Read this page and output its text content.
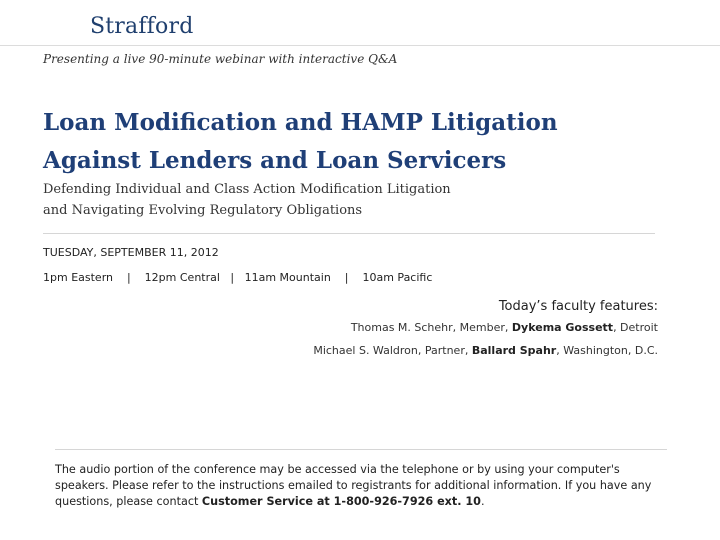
Strafford
Presenting a live 90-minute webinar with interactive Q&A
Loan Modification and HAMP Litigation
Against Lenders and Loan Servicers
Defending Individual and Class Action Modification Litigation
and Navigating Evolving Regulatory Obligations
TUESDAY, SEPTEMBER 11, 2012
1pm Eastern    |    12pm Central   |   11am Mountain    |    10am Pacific
Today’s faculty features:
Thomas M. Schehr, Member, Dykema Gossett, Detroit
Michael S. Waldron, Partner, Ballard Spahr, Washington, D.C.
The audio portion of the conference may be accessed via the telephone or by using your computer's speakers. Please refer to the instructions emailed to registrants for additional information. If you have any questions, please contact Customer Service at 1-800-926-7926 ext. 10.
